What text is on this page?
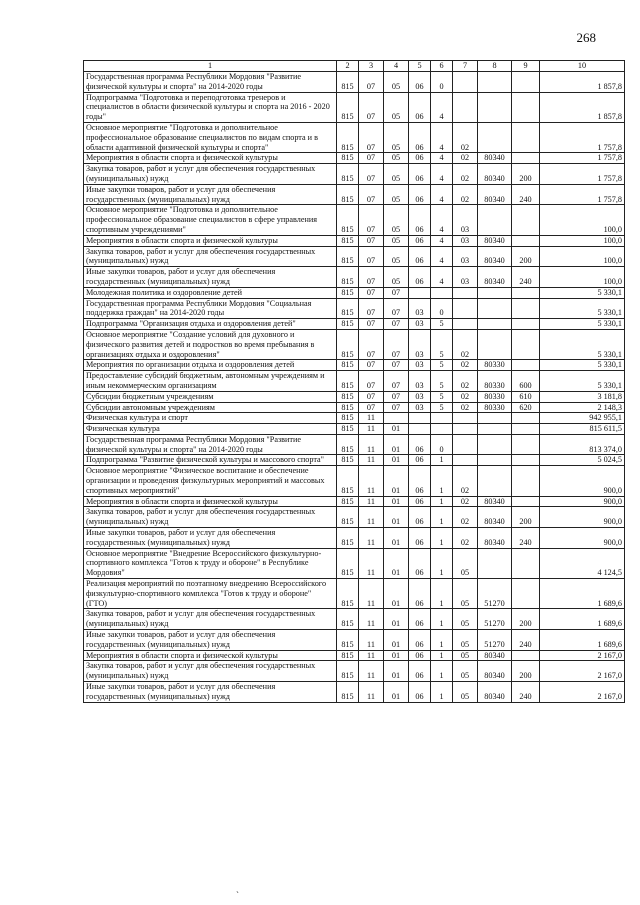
268
1	2	3	4	5	6	7	8	9	10
Государственная программа Республики Мордовия "Развитие физической культуры и спорта" на 2014-2020 годы	815	07	05	06	0				1 857,8
Подпрограмма "Подготовка и переподготовка тренеров и специалистов в области физической культуры и спорта на 2016 - 2020 годы"	815	07	05	06	4				1 857,8
Основное мероприятие "Подготовка и дополнительное профессиональное образование специалистов по видам спорта и в области адаптивной физической культуры и спорта"	815	07	05	06	4	02			1 757,8
Мероприятия в области спорта и физической культуры	815	07	05	06	4	02	80340		1 757,8
Закупка товаров, работ и услуг для обеспечения государственных (муниципальных) нужд	815	07	05	06	4	02	80340	200	1 757,8
Иные закупки товаров, работ и услуг для обеспечения государственных (муниципальных) нужд	815	07	05	06	4	02	80340	240	1 757,8
Основное мероприятие "Подготовка и дополнительное профессиональное образование специалистов в сфере управления спортивным учреждениями"	815	07	05	06	4	03			100,0
Мероприятия в области спорта и физической культуры	815	07	05	06	4	03	80340		100,0
Закупка товаров, работ и услуг для обеспечения государственных (муниципальных) нужд	815	07	05	06	4	03	80340	200	100,0
Иные закупки товаров, работ и услуг для обеспечения государственных (муниципальных) нужд	815	07	05	06	4	03	80340	240	100,0
Молодежная политика и оздоровление детей	815	07	07						5 330,1
Государственная программа Республики Мордовия "Социальная поддержка граждан" на 2014-2020 годы	815	07	07	03	0				5 330,1
Подпрограмма "Организация отдыха и оздоровления детей"	815	07	07	03	5				5 330,1
Основное мероприятие "Создание условий для духовного и физического развития детей и подростков во время пребывания в организациях отдыха и оздоровления"	815	07	07	03	5	02			5 330,1
Мероприятия по организации отдыха и оздоровления детей	815	07	07	03	5	02	80330		5 330,1
Предоставление субсидий бюджетным, автономным учреждениям и иным некоммерческим организациям	815	07	07	03	5	02	80330	600	5 330,1
Субсидии бюджетным учреждениям	815	07	07	03	5	02	80330	610	3 181,8
Субсидии автономным учреждениям	815	07	07	03	5	02	80330	620	2 148,3
Физическая культура и спорт	815	11							942 955,1
Физическая культура	815	11	01						815 611,5
Государственная программа Республики Мордовия "Развитие физической культуры и спорта" на 2014-2020 годы	815	11	01	06	0				813 374,0
Подпрограмма "Развитие физической культуры и массового спорта"	815	11	01	06	1				5 024,5
Основное мероприятие "Физическое воспитание и обеспечение организации и проведения физкультурных мероприятий и массовых спортивных мероприятий"	815	11	01	06	1	02			900,0
Мероприятия в области спорта и физической культуры	815	11	01	06	1	02	80340		900,0
Закупка товаров, работ и услуг для обеспечения государственных (муниципальных) нужд	815	11	01	06	1	02	80340	200	900,0
Иные закупки товаров, работ и услуг для обеспечения государственных (муниципальных) нужд	815	11	01	06	1	02	80340	240	900,0
Основное мероприятие "Внедрение Всероссийского физкультурно-спортивного комплекса "Готов к труду и обороне" в Республике Мордовия"	815	11	01	06	1	05			4 124,5
Реализация мероприятий по поэтапному внедрению Всероссийского физкультурно-спортивного комплекса "Готов к труду и обороне" (ГТО)	815	11	01	06	1	05	51270		1 689,6
Закупка товаров, работ и услуг для обеспечения государственных (муниципальных) нужд	815	11	01	06	1	05	51270	200	1 689,6
Иные закупки товаров, работ и услуг для обеспечения государственных (муниципальных) нужд	815	11	01	06	1	05	51270	240	1 689,6
Мероприятия в области спорта и физической культуры	815	11	01	06	1	05	80340		2 167,0
Закупка товаров, работ и услуг для обеспечения государственных (муниципальных) нужд	815	11	01	06	1	05	80340	200	2 167,0
Иные закупки товаров, работ и услуг для обеспечения государственных (муниципальных) нужд	815	11	01	06	1	05	80340	240	2 167,0
`
